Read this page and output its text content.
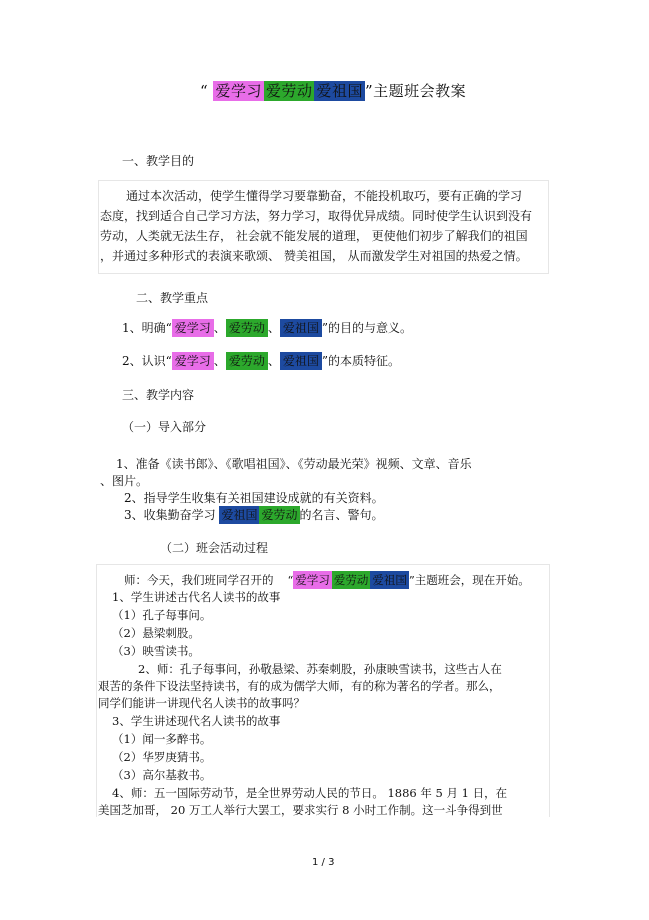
“ 爱学习 爱劳动 爱祖国 ”主题班会教案
一、教学目的
通过本次活动，使学生懂得学习要靠勤奋，不能投机取巧，要有正确的学习
态度，找到适合自己学习方法，努力学习，取得优异成绩。同时使学生认识到没有
劳动，人类就无法生存， 社会就不能发展的道理， 更使他们初步了解我们的祖国
，并通过多种形式的表演来歌颂、 赞美祖国， 从而激发学生对祖国的热爱之情。
二、教学重点
1、明确“ 爱学习 、 爱劳动 、 爱祖国 ”的目的与意义。
2、认识“ 爱学习 、 爱劳动 、 爱祖国 ”的本质特征。
三、教学内容
（一）导入部分
1、准备《读书郎》、《歌唱祖国》、《劳动最光荣》视频、文章、音乐
、图片。
2、指导学生收集有关祖国建设成就的有关资料。
3、收集勤奋学习 爱祖国 爱劳动 的名言、警句。
（二）班会活动过程
师：今天，我们班同学召开的 “ 爱学习 爱劳动 爱祖国 ”主题班会，现在开始。
1、学生讲述古代名人读书的故事
（1）孔子每事问。
（2）悬梁刺股。
（3）映雪读书。
2、师：孔子每事问，孙敬悬梁、苏秦刺股，孙康映雪读书，这些古人在
艰苦的条件下设法坚持读书，有的成为儒学大师，有的称为著名的学者。那么，
同学们能讲一讲现代名人读书的故事吗？
3、学生讲述现代名人读书的故事
（1）闻一多醉书。
（2）华罗庚猜书。
（3）高尔基救书。
4、师：五一国际劳动节，是全世界劳动人民的节日。 1886 年 5 月 1 日，在
美国芝加哥， 20 万工人举行大罢工，要求实行 8 小时工作制。这一斗争得到世
1 / 3
